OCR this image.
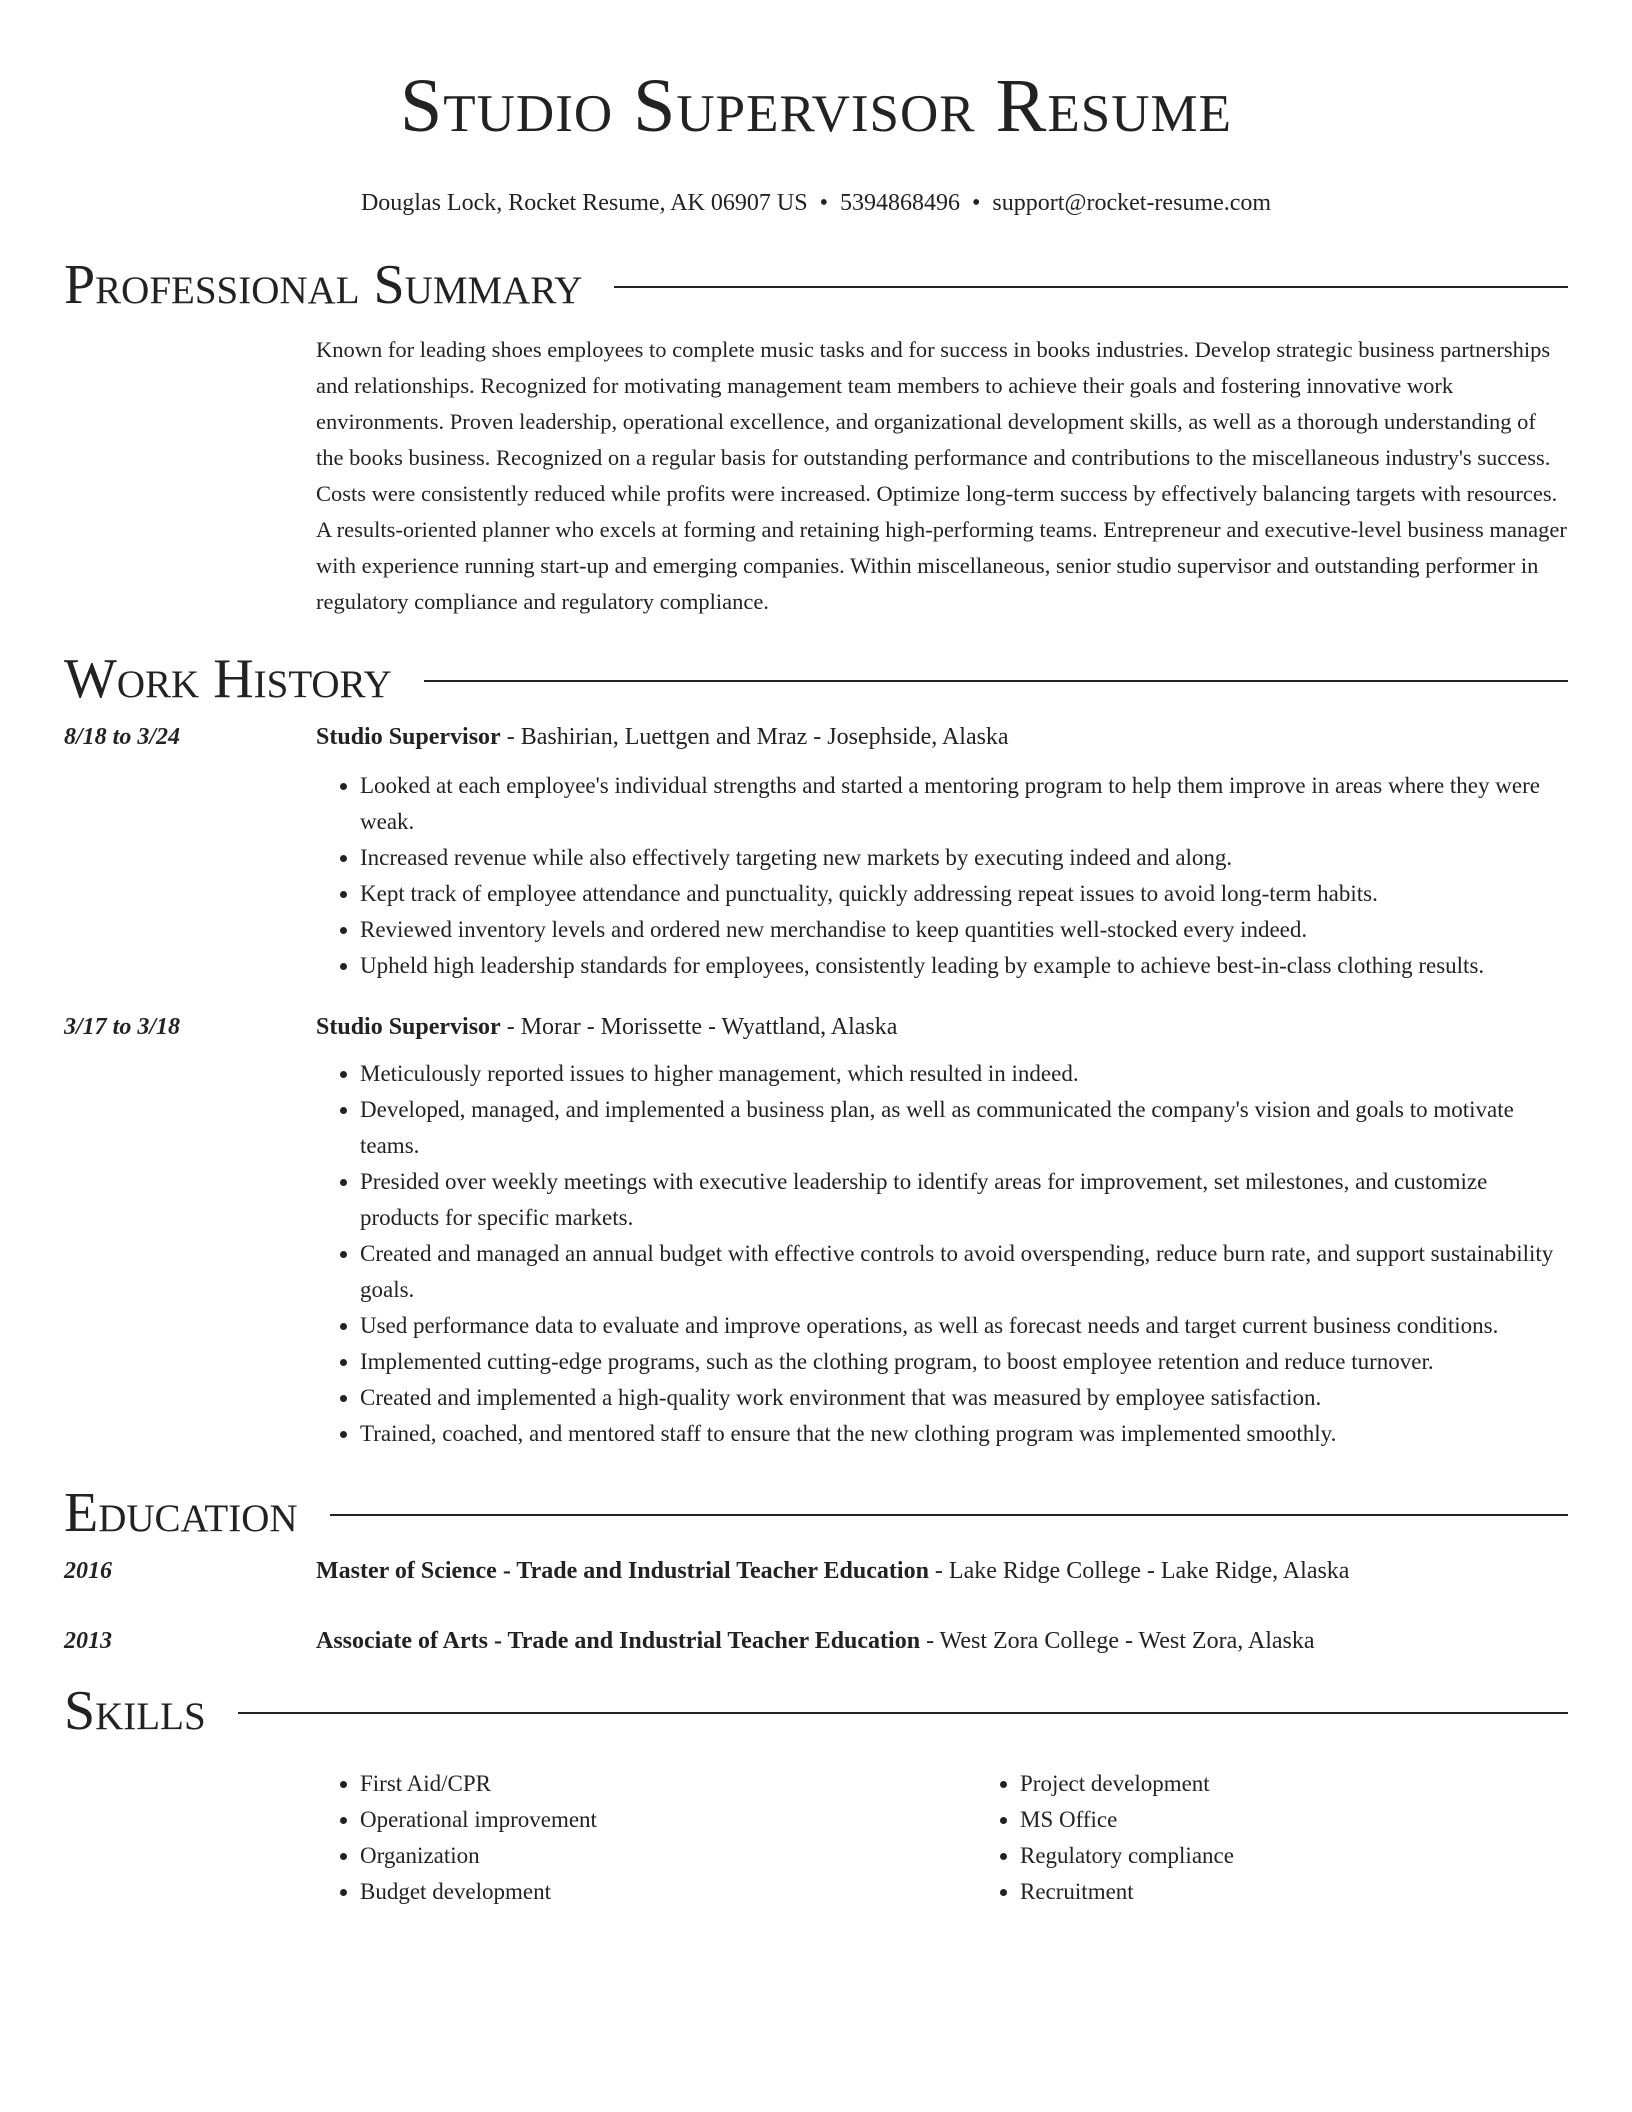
Studio Supervisor Resume
Douglas Lock, Rocket Resume, AK 06907 US • 5394868496 • support@rocket-resume.com
Professional Summary

Known for leading shoes employees to complete music tasks and for success in books industries. Develop strategic business partnerships and relationships. Recognized for motivating management team members to achieve their goals and fostering innovative work environments. Proven leadership, operational excellence, and organizational development skills, as well as a thorough understanding of the books business. Recognized on a regular basis for outstanding performance and contributions to the miscellaneous industry's success. Costs were consistently reduced while profits were increased. Optimize long-term success by effectively balancing targets with resources. A results-oriented planner who excels at forming and retaining high-performing teams. Entrepreneur and executive-level business manager with experience running start-up and emerging companies. Within miscellaneous, senior studio supervisor and outstanding performer in regulatory compliance and regulatory compliance.

Work History
8/18 to 3/24	Studio Supervisor - Bashirian, Luettgen and Mraz - Josephside, Alaska
• Looked at each employee's individual strengths and started a mentoring program to help them improve in areas where they were weak.
• Increased revenue while also effectively targeting new markets by executing indeed and along.
• Kept track of employee attendance and punctuality, quickly addressing repeat issues to avoid long-term habits.
• Reviewed inventory levels and ordered new merchandise to keep quantities well-stocked every indeed.
• Upheld high leadership standards for employees, consistently leading by example to achieve best-in-class clothing results.
3/17 to 3/18	Studio Supervisor - Morar - Morissette - Wyattland, Alaska
• Meticulously reported issues to higher management, which resulted in indeed.
• Developed, managed, and implemented a business plan, as well as communicated the company's vision and goals to motivate teams.
• Presided over weekly meetings with executive leadership to identify areas for improvement, set milestones, and customize products for specific markets.
• Created and managed an annual budget with effective controls to avoid overspending, reduce burn rate, and support sustainability goals.
• Used performance data to evaluate and improve operations, as well as forecast needs and target current business conditions.
• Implemented cutting-edge programs, such as the clothing program, to boost employee retention and reduce turnover.
• Created and implemented a high-quality work environment that was measured by employee satisfaction.
• Trained, coached, and mentored staff to ensure that the new clothing program was implemented smoothly.
Education
2016	Master of Science - Trade and Industrial Teacher Education - Lake Ridge College - Lake Ridge, Alaska
2013	Associate of Arts - Trade and Industrial Teacher Education - West Zora College - West Zora, Alaska
Skills
• First Aid/CPR
• Operational improvement
• Organization
• Budget development
• Project development
• MS Office
• Regulatory compliance
• Recruitment
